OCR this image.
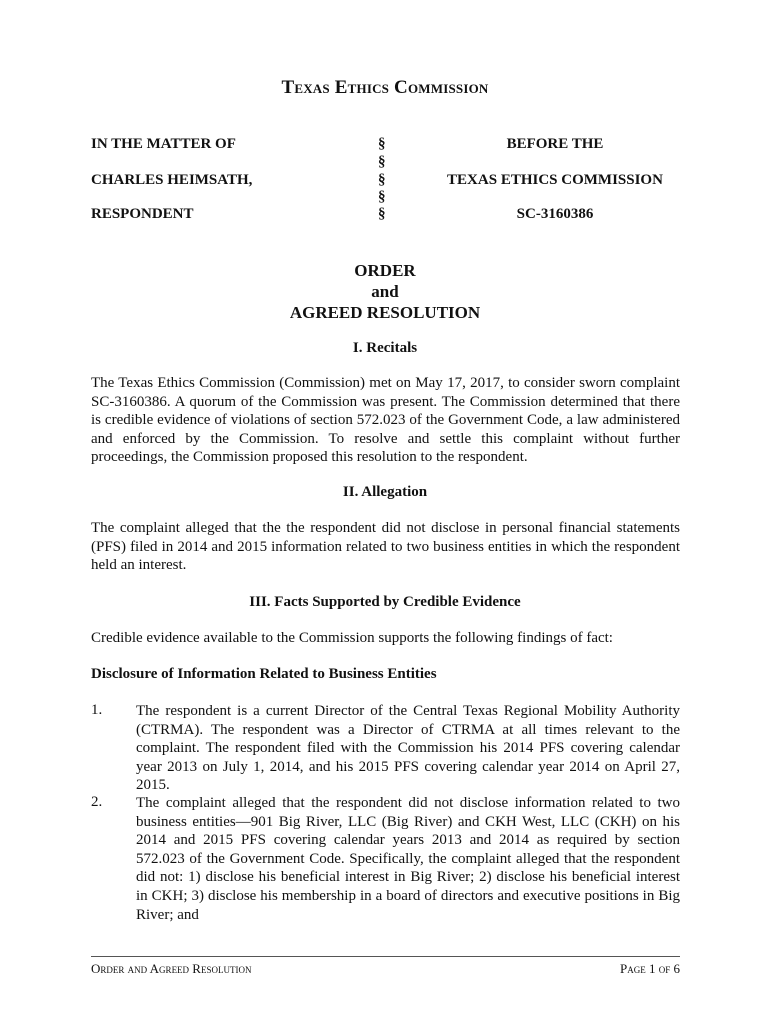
Texas Ethics Commission
IN THE MATTER OF
CHARLES HEIMSATH,
RESPONDENT
§
§
§
§
§
BEFORE THE
TEXAS ETHICS COMMISSION
SC-3160386
ORDER
and
AGREED RESOLUTION
I. Recitals
The Texas Ethics Commission (Commission) met on May 17, 2017, to consider sworn complaint SC-3160386. A quorum of the Commission was present. The Commission determined that there is credible evidence of violations of section 572.023 of the Government Code, a law administered and enforced by the Commission. To resolve and settle this complaint without further proceedings, the Commission proposed this resolution to the respondent.
II. Allegation
The complaint alleged that the the respondent did not disclose in personal financial statements (PFS) filed in 2014 and 2015 information related to two business entities in which the respondent held an interest.
III. Facts Supported by Credible Evidence
Credible evidence available to the Commission supports the following findings of fact:
Disclosure of Information Related to Business Entities
1. The respondent is a current Director of the Central Texas Regional Mobility Authority (CTRMA). The respondent was a Director of CTRMA at all times relevant to the complaint. The respondent filed with the Commission his 2014 PFS covering calendar year 2013 on July 1, 2014, and his 2015 PFS covering calendar year 2014 on April 27, 2015.
2. The complaint alleged that the respondent did not disclose information related to two business entities—901 Big River, LLC (Big River) and CKH West, LLC (CKH) on his 2014 and 2015 PFS covering calendar years 2013 and 2014 as required by section 572.023 of the Government Code. Specifically, the complaint alleged that the respondent did not: 1) disclose his beneficial interest in Big River; 2) disclose his beneficial interest in CKH; 3) disclose his membership in a board of directors and executive positions in Big River; and
Order and Agreed Resolution	Page 1 of 6
